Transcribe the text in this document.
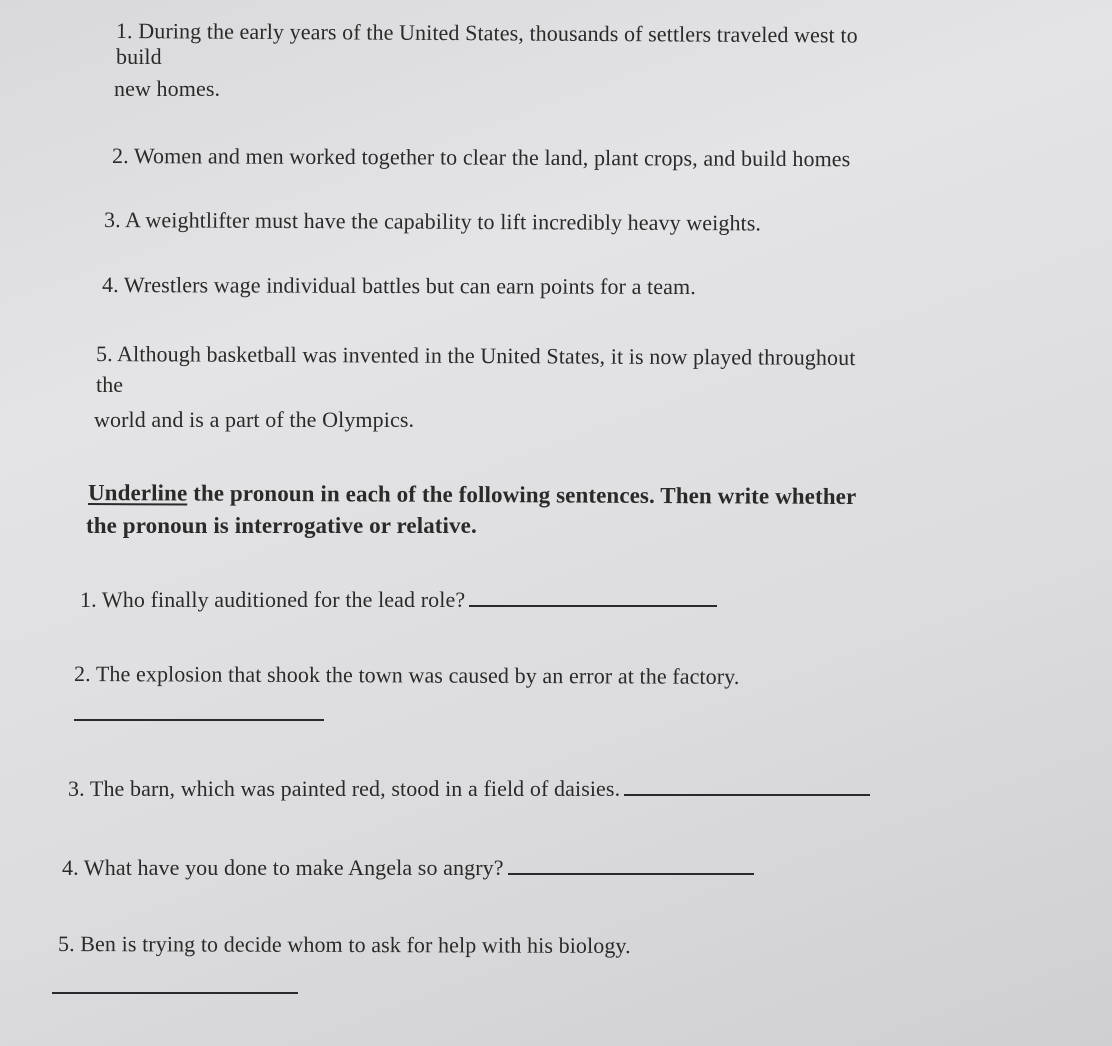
1. During the early years of the United States, thousands of settlers traveled west to
build
new homes.
2. Women and men worked together to clear the land, plant crops, and build homes
3. A weightlifter must have the capability to lift incredibly heavy weights.
4. Wrestlers wage individual battles but can earn points for a team.
5. Although basketball was invented in the United States, it is now played throughout
the
world and is a part of the Olympics.
Underline the pronoun in each of the following sentences. Then write whether
the pronoun is interrogative or relative.
1. Who finally auditioned for the lead role?
2. The explosion that shook the town was caused by an error at the factory.
3. The barn, which was painted red, stood in a field of daisies.
4. What have you done to make Angela so angry?
5. Ben is trying to decide whom to ask for help with his biology.
